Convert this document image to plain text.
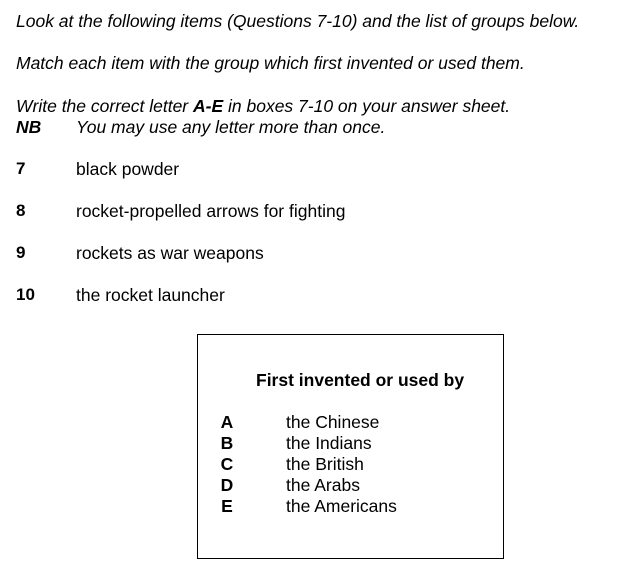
Look at the following items (Questions 7-10) and the list of groups below.
Match each item with the group which first invented or used them.
Write the correct letter A-E in boxes 7-10 on your answer sheet.
NB You may use any letter more than once.
7	black powder
8	rocket-propelled arrows for fighting
9	rockets as war weapons
10 the rocket launcher
First invented or used by
A	the Chinese
B	the Indians
C	the British
D	the Arabs
E	the Americans
